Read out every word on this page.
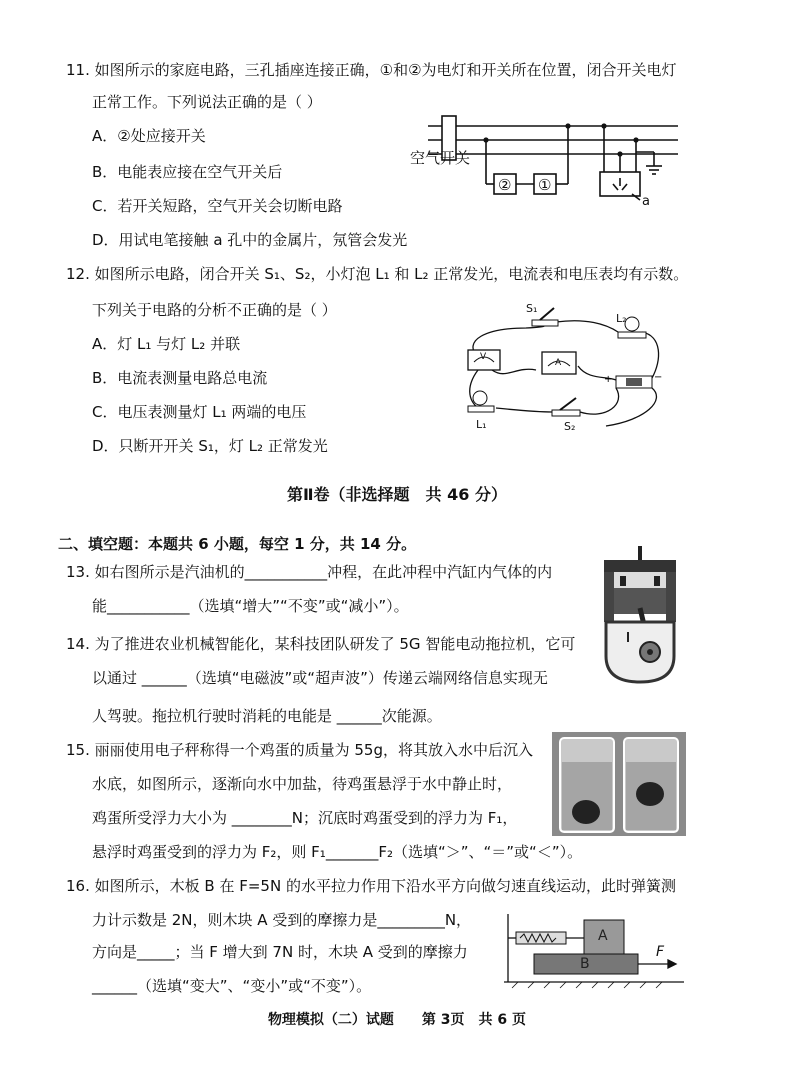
11. 如图所示的家庭电路，三孔插座连接正确，①和②为电灯和开关所在位置，闭合开关电灯
正常工作。下列说法正确的是（ ）
A．②处应接开关
B．电能表应接在空气开关后
C．若开关短路，空气开关会切断电路
D．用试电笔接触 a 孔中的金属片，氖管会发光
空气开关
② ①
a
12. 如图所示电路，闭合开关 S₁、S₂，小灯泡 L₁ 和 L₂ 正常发光，电流表和电压表均有示数。
下列关于电路的分析不正确的是（ ）
A．灯 L₁ 与灯 L₂ 并联
B．电流表测量电路总电流
C．电压表测量灯 L₁ 两端的电压
D．只断开开关 S₁，灯 L₂ 正常发光
+	−
S₁
L₂
V
A
L₁	S₂
第Ⅱ卷（非选择题　共 46 分）
二、填空题：本题共 6 小题，每空 1 分，共 14 分。
13. 如右图所示是汽油机的___________冲程，在此冲程中汽缸内气体的内
能___________（选填“增大”“不变”或“减小”）。
14. 为了推进农业机械智能化，某科技团队研发了 5G 智能电动拖拉机，它可
以通过 ______（选填“电磁波”或“超声波”）传递云端网络信息实现无
人驾驶。拖拉机行驶时消耗的电能是 ______次能源。
15. 丽丽使用电子秤称得一个鸡蛋的质量为 55g，将其放入水中后沉入
水底，如图所示，逐渐向水中加盐，待鸡蛋悬浮于水中静止时，
鸡蛋所受浮力大小为 ________N；沉底时鸡蛋受到的浮力为 F₁，
悬浮时鸡蛋受到的浮力为 F₂，则 F₁_______F₂（选填“＞”、“＝”或“＜”）。
16. 如图所示，木板 B 在 F=5N 的水平拉力作用下沿水平方向做匀速直线运动，此时弹簧测
力计示数是 2N，则木块 A 受到的摩擦力是_________N，
方向是_____；当 F 增大到 7N 时，木块 A 受到的摩擦力
______（选填“变大”、“变小”或“不变”）。
A
B
F
物理模拟（二）试题　　第 3页　共 6 页
